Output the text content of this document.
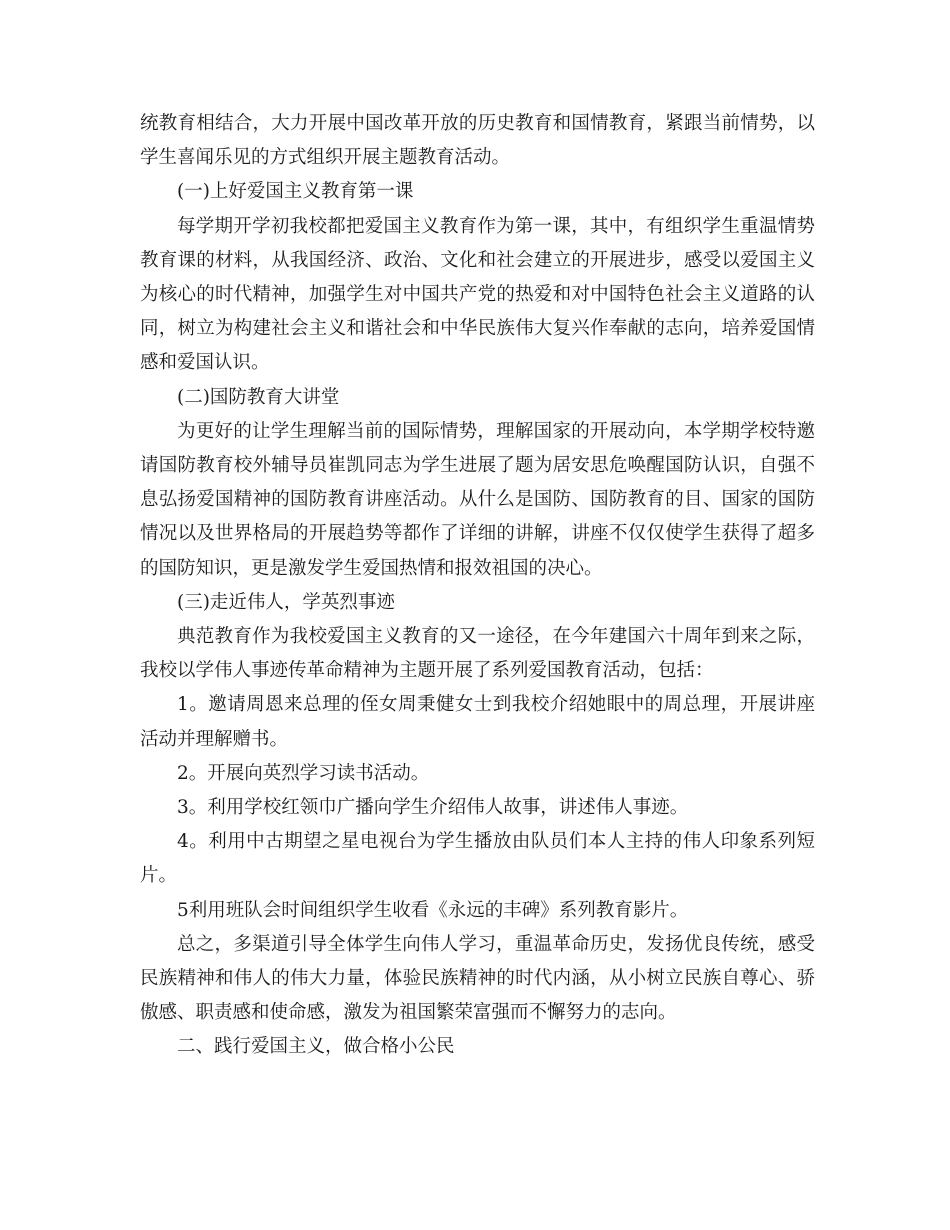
统教育相结合，大力开展中国改革开放的历史教育和国情教育，紧跟当前情势，以学生喜闻乐见的方式组织开展主题教育活动。

(一)上好爱国主义教育第一课

每学期开学初我校都把爱国主义教育作为第一课，其中，有组织学生重温情势教育课的材料，从我国经济、政治、文化和社会建立的开展进步，感受以爱国主义为核心的时代精神，加强学生对中国共产党的热爱和对中国特色社会主义道路的认同，树立为构建社会主义和谐社会和中华民族伟大复兴作奉献的志向，培养爱国情感和爱国认识。

(二)国防教育大讲堂

为更好的让学生理解当前的国际情势，理解国家的开展动向，本学期学校特邀请国防教育校外辅导员崔凯同志为学生进展了题为居安思危唤醒国防认识，自强不息弘扬爱国精神的国防教育讲座活动。从什么是国防、国防教育的目、国家的国防情况以及世界格局的开展趋势等都作了详细的讲解，讲座不仅仅使学生获得了超多的国防知识，更是激发学生爱国热情和报效祖国的决心。

(三)走近伟人，学英烈事迹

典范教育作为我校爱国主义教育的又一途径，在今年建国六十周年到来之际，我校以学伟人事迹传革命精神为主题开展了系列爱国教育活动，包括：

1。邀请周恩来总理的侄女周秉健女士到我校介绍她眼中的周总理，开展讲座活动并理解赠书。

2。开展向英烈学习读书活动。

3。利用学校红领巾广播向学生介绍伟人故事，讲述伟人事迹。

4。利用中古期望之星电视台为学生播放由队员们本人主持的伟人印象系列短片。

5利用班队会时间组织学生收看《永远的丰碑》系列教育影片。

总之，多渠道引导全体学生向伟人学习，重温革命历史，发扬优良传统，感受民族精神和伟人的伟大力量，体验民族精神的时代内涵，从小树立民族自尊心、骄傲感、职责感和使命感，激发为祖国繁荣富强而不懈努力的志向。

二、践行爱国主义，做合格小公民
